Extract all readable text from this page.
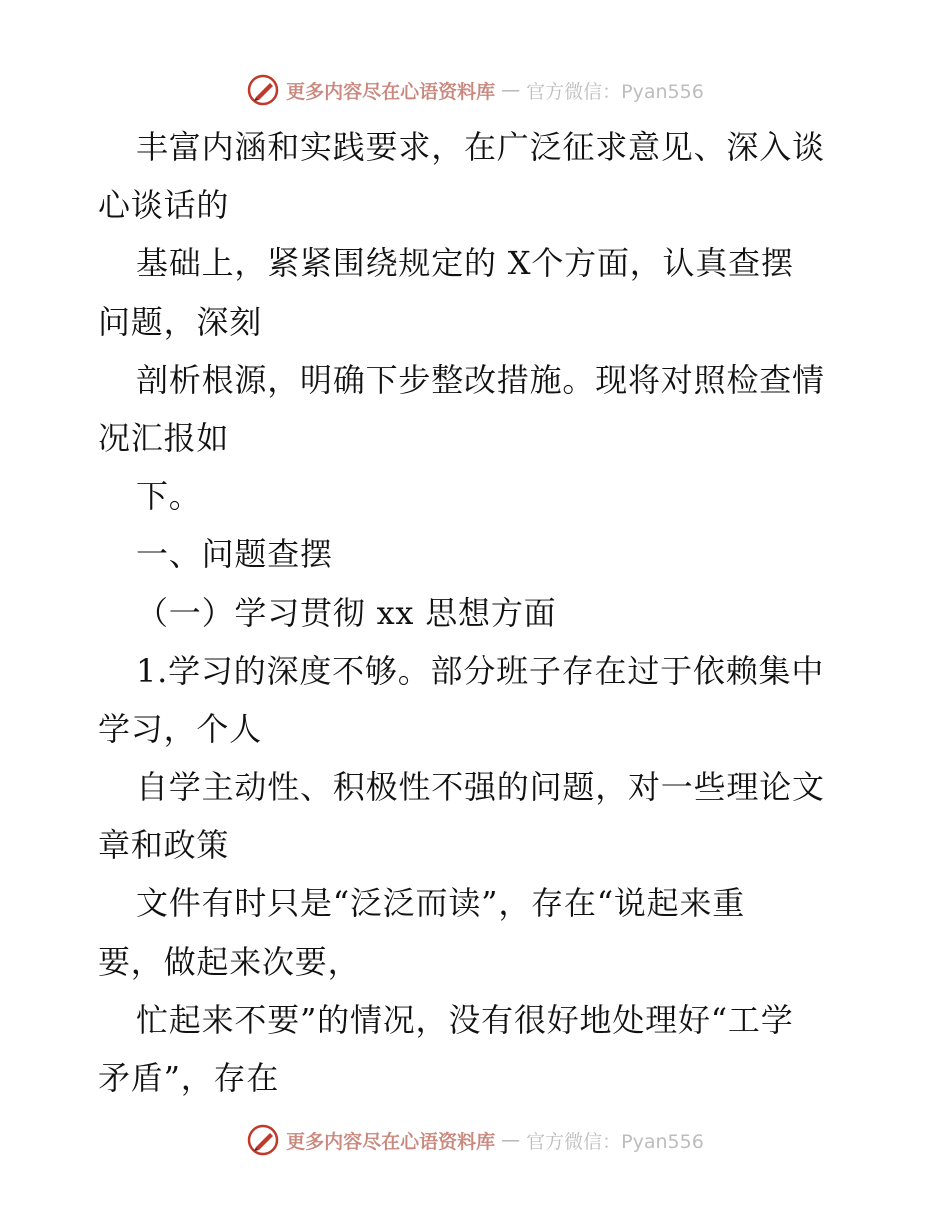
更多内容尽在心语资料库 — 官方微信：Pyan556
丰富内涵和实践要求，在广泛征求意见、深入谈
心谈话的
基础上，紧紧围绕规定的 X个方面，认真查摆
问题，深刻
剖析根源，明确下步整改措施。现将对照检查情
况汇报如
下。
一、问题查摆
（一）学习贯彻 xx 思想方面
1.学习的深度不够。部分班子存在过于依赖集中
学习，个人
自学主动性、积极性不强的问题，对一些理论文
章和政策
文件有时只是“泛泛而读”，存在“说起来重
要，做起来次要，
忙起来不要”的情况，没有很好地处理好“工学
矛盾”，存在
更多内容尽在心语资料库 — 官方微信：Pyan556
